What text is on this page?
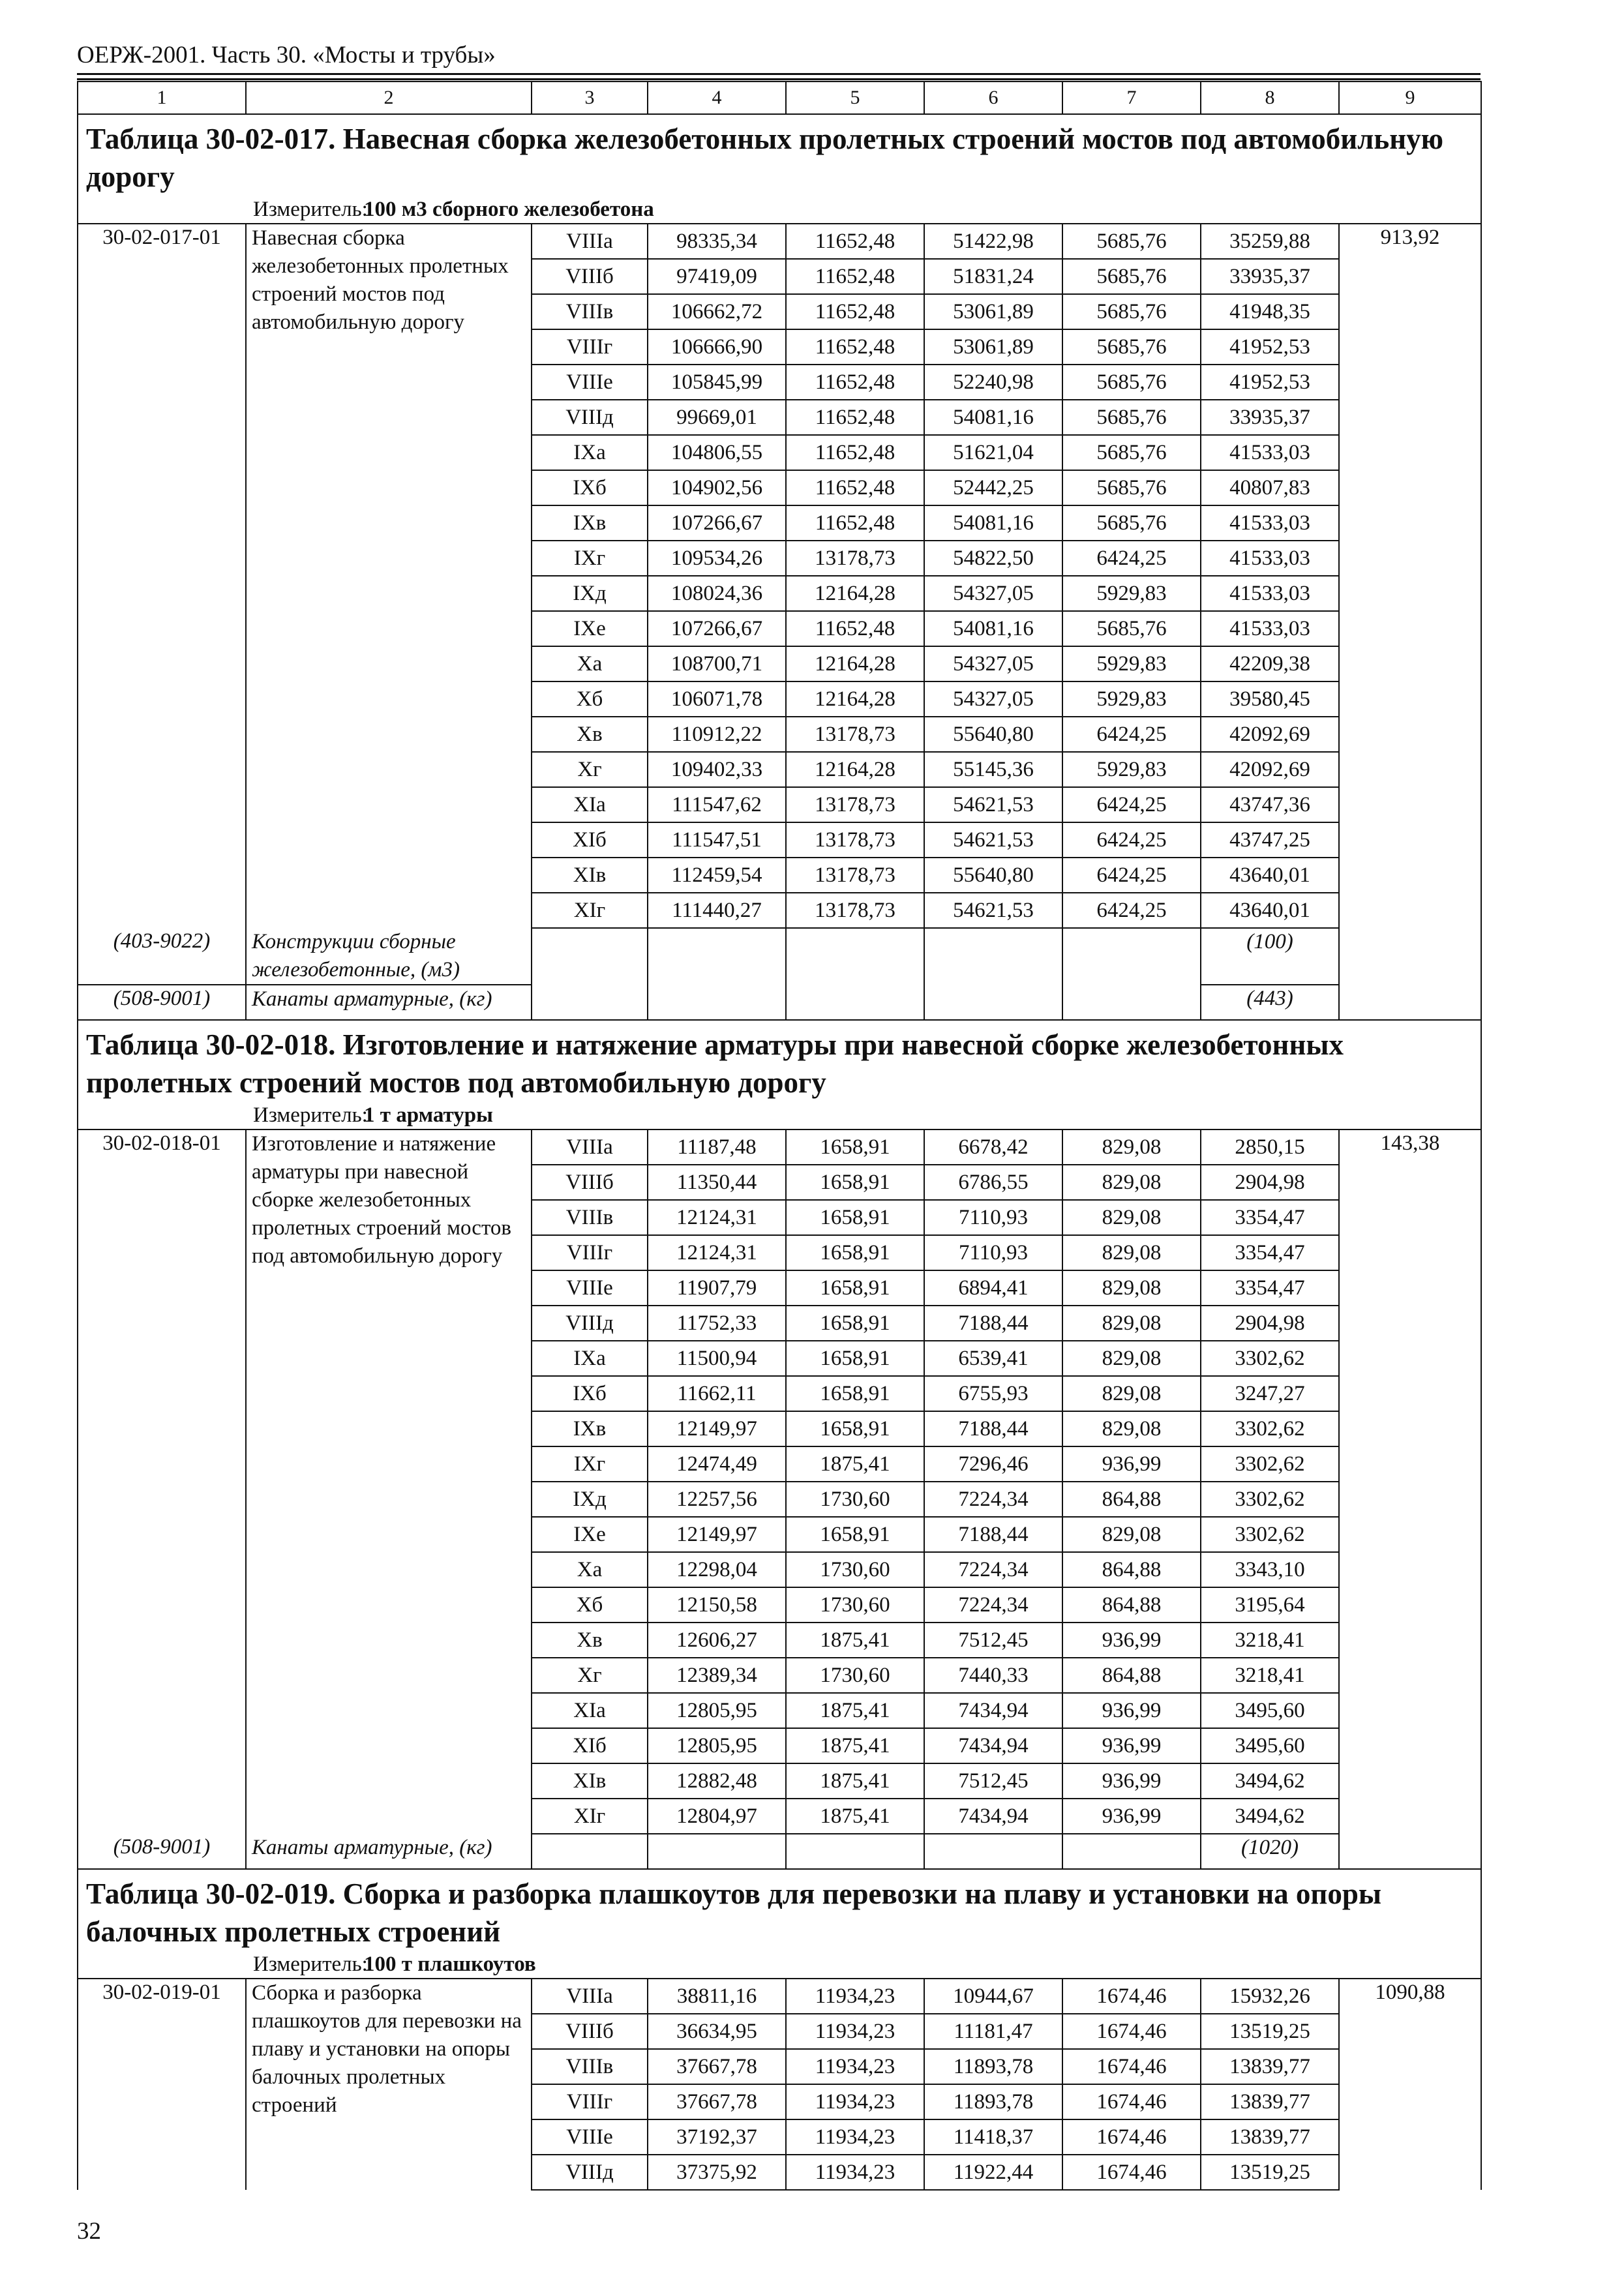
ОЕРЖ-2001. Часть 30. «Мосты и трубы»
1	2	3	4	5	6	7	8	9
Таблица 30-02-017. Навесная сборка железобетонных пролетных строений мостов под автомобильную дорогу								
Измеритель:100 м3 сборного железобетона								
30-02-017-01	Навесная сборка железобетонных пролетных строений мостов под автомобильную дорогу	VIIIа	98335,34	11652,48	51422,98	5685,76	35259,88	913,92
		VIIIб	97419,09	11652,48	51831,24	5685,76	33935,37	
		VIIIв	106662,72	11652,48	53061,89	5685,76	41948,35	
		VIIIг	106666,90	11652,48	53061,89	5685,76	41952,53	
		VIIIе	105845,99	11652,48	52240,98	5685,76	41952,53	
		VIIIд	99669,01	11652,48	54081,16	5685,76	33935,37	
		IXа	104806,55	11652,48	51621,04	5685,76	41533,03	
		IXб	104902,56	11652,48	52442,25	5685,76	40807,83	
		IXв	107266,67	11652,48	54081,16	5685,76	41533,03	
		IXг	109534,26	13178,73	54822,50	6424,25	41533,03	
		IXд	108024,36	12164,28	54327,05	5929,83	41533,03	
		IXе	107266,67	11652,48	54081,16	5685,76	41533,03	
		Xа	108700,71	12164,28	54327,05	5929,83	42209,38	
		Xб	106071,78	12164,28	54327,05	5929,83	39580,45	
		Xв	110912,22	13178,73	55640,80	6424,25	42092,69	
		Xг	109402,33	12164,28	55145,36	5929,83	42092,69	
		XIа	111547,62	13178,73	54621,53	6424,25	43747,36	
		XIб	111547,51	13178,73	54621,53	6424,25	43747,25	
		XIв	112459,54	13178,73	55640,80	6424,25	43640,01	
		XIг	111440,27	13178,73	54621,53	6424,25	43640,01	
(403-9022)	Конструкции сборные железобетонные, (м3)						(100)	
(508-9001)	Канаты арматурные, (кг)						(443)	
Таблица 30-02-018. Изготовление и натяжение арматуры при навесной сборке железобетонных пролетных строений мостов под автомобильную дорогу								
Измеритель:1 т арматуры								
30-02-018-01	Изготовление и натяжение арматуры при навесной сборке железобетонных пролетных строений мостов под автомобильную дорогу	VIIIа	11187,48	1658,91	6678,42	829,08	2850,15	143,38
		VIIIб	11350,44	1658,91	6786,55	829,08	2904,98	
		VIIIв	12124,31	1658,91	7110,93	829,08	3354,47	
		VIIIг	12124,31	1658,91	7110,93	829,08	3354,47	
		VIIIе	11907,79	1658,91	6894,41	829,08	3354,47	
		VIIIд	11752,33	1658,91	7188,44	829,08	2904,98	
		IXа	11500,94	1658,91	6539,41	829,08	3302,62	
		IXб	11662,11	1658,91	6755,93	829,08	3247,27	
		IXв	12149,97	1658,91	7188,44	829,08	3302,62	
		IXг	12474,49	1875,41	7296,46	936,99	3302,62	
		IXд	12257,56	1730,60	7224,34	864,88	3302,62	
		IXе	12149,97	1658,91	7188,44	829,08	3302,62	
		Xа	12298,04	1730,60	7224,34	864,88	3343,10	
		Xб	12150,58	1730,60	7224,34	864,88	3195,64	
		Xв	12606,27	1875,41	7512,45	936,99	3218,41	
		Xг	12389,34	1730,60	7440,33	864,88	3218,41	
		XIа	12805,95	1875,41	7434,94	936,99	3495,60	
		XIб	12805,95	1875,41	7434,94	936,99	3495,60	
		XIв	12882,48	1875,41	7512,45	936,99	3494,62	
		XIг	12804,97	1875,41	7434,94	936,99	3494,62	
(508-9001)	Канаты арматурные, (кг)						(1020)	
Таблица 30-02-019. Сборка и разборка плашкоутов для перевозки на плаву и установки на опоры балочных пролетных строений								
Измеритель:100 т плашкоутов								
30-02-019-01	Сборка и разборка плашкоутов для перевозки на плаву и установки на опоры балочных пролетных строений	VIIIа	38811,16	11934,23	10944,67	1674,46	15932,26	1090,88
		VIIIб	36634,95	11934,23	11181,47	1674,46	13519,25	
		VIIIв	37667,78	11934,23	11893,78	1674,46	13839,77	
		VIIIг	37667,78	11934,23	11893,78	1674,46	13839,77	
		VIIIе	37192,37	11934,23	11418,37	1674,46	13839,77	
		VIIIд	37375,92	11934,23	11922,44	1674,46	13519,25	
32
